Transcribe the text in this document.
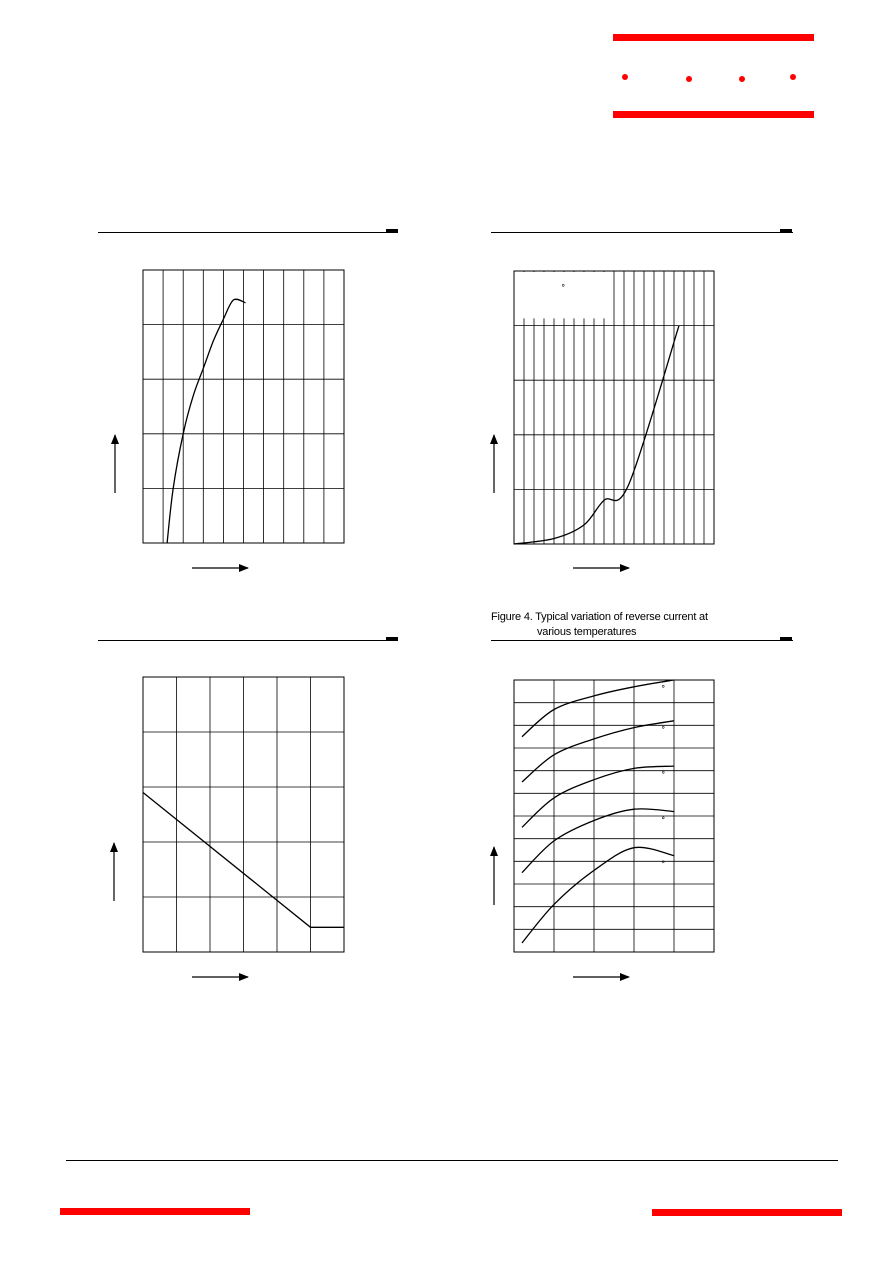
Figure 4. Typical variation of reverse current at
various temperatures
˚
˚
˚
˚
˚
˚
